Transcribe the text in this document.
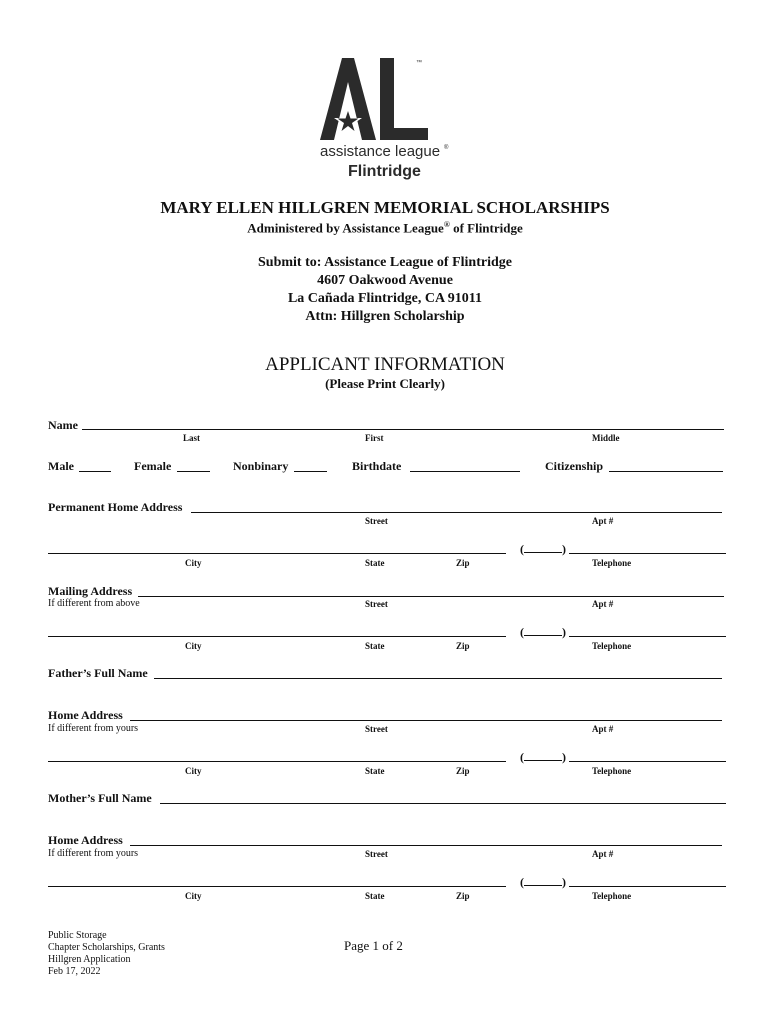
™
assistance league ®
Flintridge
MARY ELLEN HILLGREN MEMORIAL SCHOLARSHIPS
Administered by Assistance League® of Flintridge
Submit to: Assistance League of Flintridge
4607 Oakwood Avenue
La Cañada Flintridge, CA 91011
Attn: Hillgren Scholarship
APPLICANT INFORMATION
(Please Print Clearly)
Name
Last	First	Middle
Male	Female	Nonbinary	Birthdate	Citizenship
Permanent Home Address
Street	Apt #
(	)
City	State	Zip	Telephone
Mailing Address
If different from above	Street	Apt #
(	)
City	State	Zip	Telephone
Father’s Full Name
Home Address
If different from yours	Street	Apt #
(	)
City	State	Zip	Telephone
Mother’s Full Name
Home Address
If different from yours	Street	Apt #
(	)
City	State	Zip	Telephone
Public Storage
Chapter Scholarships, Grants
Hillgren Application
Feb 17, 2022
Page 1 of 2
